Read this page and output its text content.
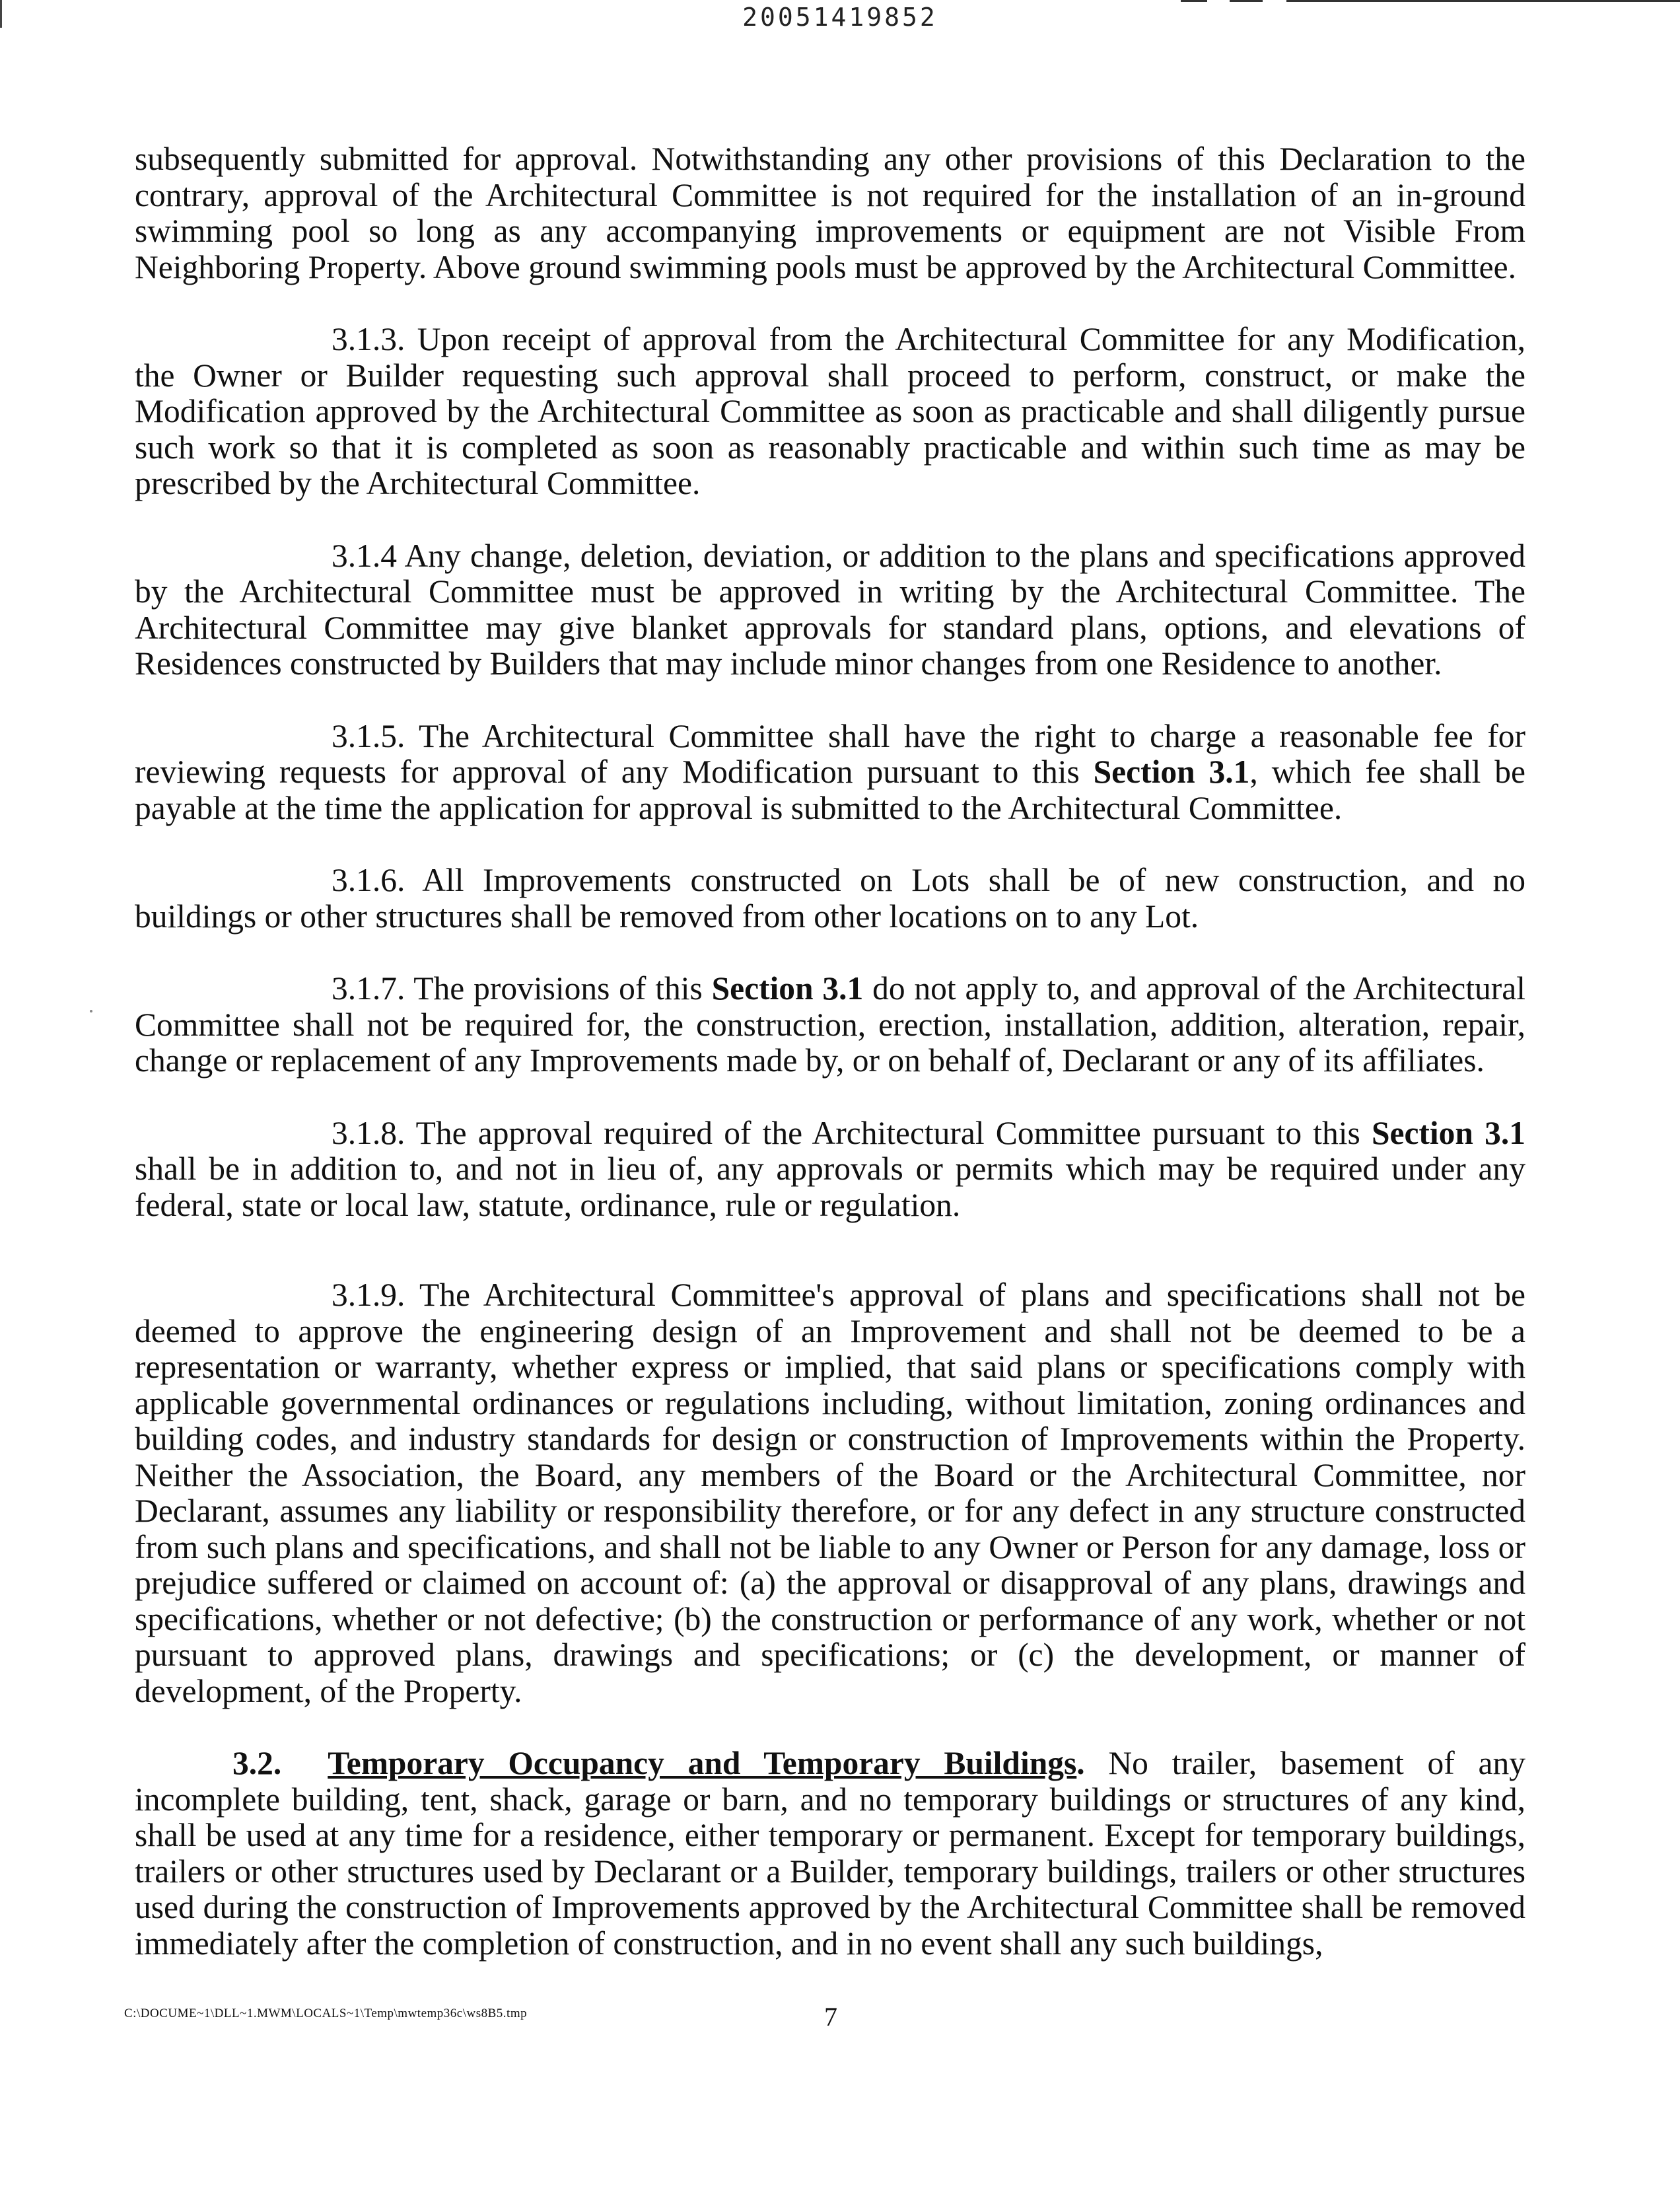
20051419852

subsequently submitted for approval. Notwithstanding any other provisions of this Declaration to the contrary, approval of the Architectural Committee is not required for the installation of an in-ground swimming pool so long as any accompanying improvements or equipment are not Visible From Neighboring Property. Above ground swimming pools must be approved by the Architectural Committee.

3.1.3. Upon receipt of approval from the Architectural Committee for any Modification, the Owner or Builder requesting such approval shall proceed to perform, construct, or make the Modification approved by the Architectural Committee as soon as practicable and shall diligently pursue such work so that it is completed as soon as reasonably practicable and within such time as may be prescribed by the Architectural Committee.

3.1.4 Any change, deletion, deviation, or addition to the plans and specifications approved by the Architectural Committee must be approved in writing by the Architectural Committee. The Architectural Committee may give blanket approvals for standard plans, options, and elevations of Residences constructed by Builders that may include minor changes from one Residence to another.

3.1.5. The Architectural Committee shall have the right to charge a reasonable fee for reviewing requests for approval of any Modification pursuant to this Section 3.1, which fee shall be payable at the time the application for approval is submitted to the Architectural Committee.

3.1.6. All Improvements constructed on Lots shall be of new construction, and no buildings or other structures shall be removed from other locations on to any Lot.

3.1.7. The provisions of this Section 3.1 do not apply to, and approval of the Architectural Committee shall not be required for, the construction, erection, installation, addition, alteration, repair, change or replacement of any Improvements made by, or on behalf of, Declarant or any of its affiliates.

3.1.8. The approval required of the Architectural Committee pursuant to this Section 3.1 shall be in addition to, and not in lieu of, any approvals or permits which may be required under any federal, state or local law, statute, ordinance, rule or regulation.

3.1.9. The Architectural Committee's approval of plans and specifications shall not be deemed to approve the engineering design of an Improvement and shall not be deemed to be a representation or warranty, whether express or implied, that said plans or specifications comply with applicable governmental ordinances or regulations including, without limitation, zoning ordinances and building codes, and industry standards for design or construction of Improvements within the Property. Neither the Association, the Board, any members of the Board or the Architectural Committee, nor Declarant, assumes any liability or responsibility therefore, or for any defect in any structure constructed from such plans and specifications, and shall not be liable to any Owner or Person for any damage, loss or prejudice suffered or claimed on account of: (a) the approval or disapproval of any plans, drawings and specifications, whether or not defective; (b) the construction or performance of any work, whether or not pursuant to approved plans, drawings and specifications; or (c) the development, or manner of development, of the Property.

3.2. Temporary Occupancy and Temporary Buildings. No trailer, basement of any incomplete building, tent, shack, garage or barn, and no temporary buildings or structures of any kind, shall be used at any time for a residence, either temporary or permanent. Except for temporary buildings, trailers or other structures used by Declarant or a Builder, temporary buildings, trailers or other structures used during the construction of Improvements approved by the Architectural Committee shall be removed immediately after the completion of construction, and in no event shall any such buildings,

C:\DOCUME~1\DLL~1.MWM\LOCALS~1\Temp\mwtemp36c\ws8B5.tmp	7
